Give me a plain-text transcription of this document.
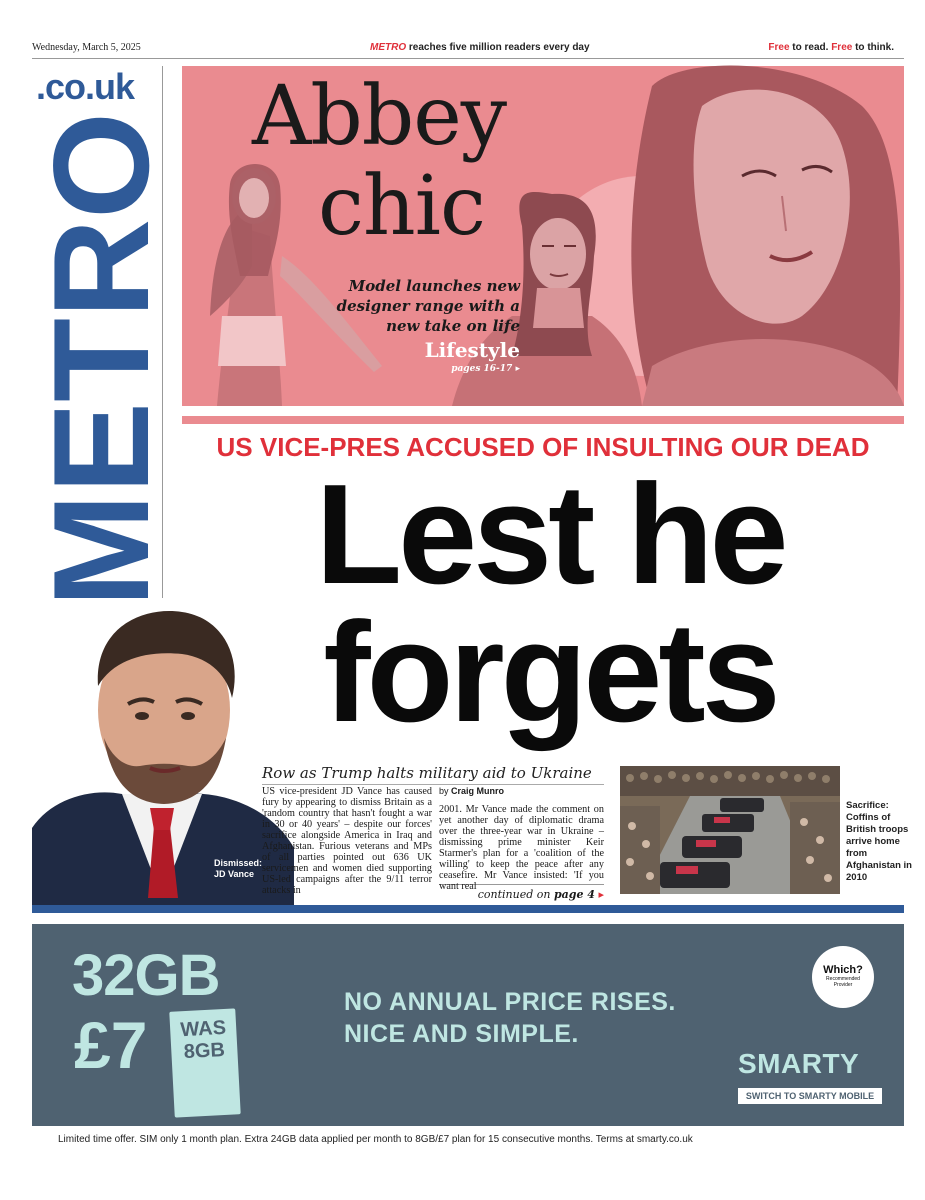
Wednesday, March 5, 2025	METRO reaches five million readers every day	Free to read. Free to think.
.co.uk
METRO
Abbey
chic
Model launches new designer range with a new take on life
Lifestyle
pages 16-17 ▸
US VICE-PRES ACCUSED OF INSULTING OUR DEAD
Lest he
forgets
Dismissed:
JD Vance
Row as Trump halts military aid to Ukraine
US vice-president JD Vance has caused fury by appearing to dismiss Britain as a 'random country that hasn't fought a war in 30 or 40 years' – despite our forces' sacrifice alongside America in Iraq and Afghanistan. Furious veterans and MPs of all parties pointed out 636 UK servicemen and women died supporting US-led campaigns after the 9/11 terror attacks in
by Craig Munro
2001. Mr Vance made the comment on yet another day of diplomatic drama over the three-year war in Ukraine – dismissing prime minister Keir Starmer's plan for a 'coalition of the willing' to keep the peace after any ceasefire. Mr Vance insisted: 'If you want real
continued on page 4 ▸
Sacrifice: Coffins of British troops arrive home from Afghanistan in 2010
32GB
£7	WAS
8GB
NO ANNUAL PRICE RISES.
NICE AND SIMPLE.
Which?
Recommended
Provider
SMARTY
SWITCH TO SMARTY MOBILE
Limited time offer. SIM only 1 month plan. Extra 24GB data applied per month to 8GB/£7 plan for 15 consecutive months. Terms at smarty.co.uk
